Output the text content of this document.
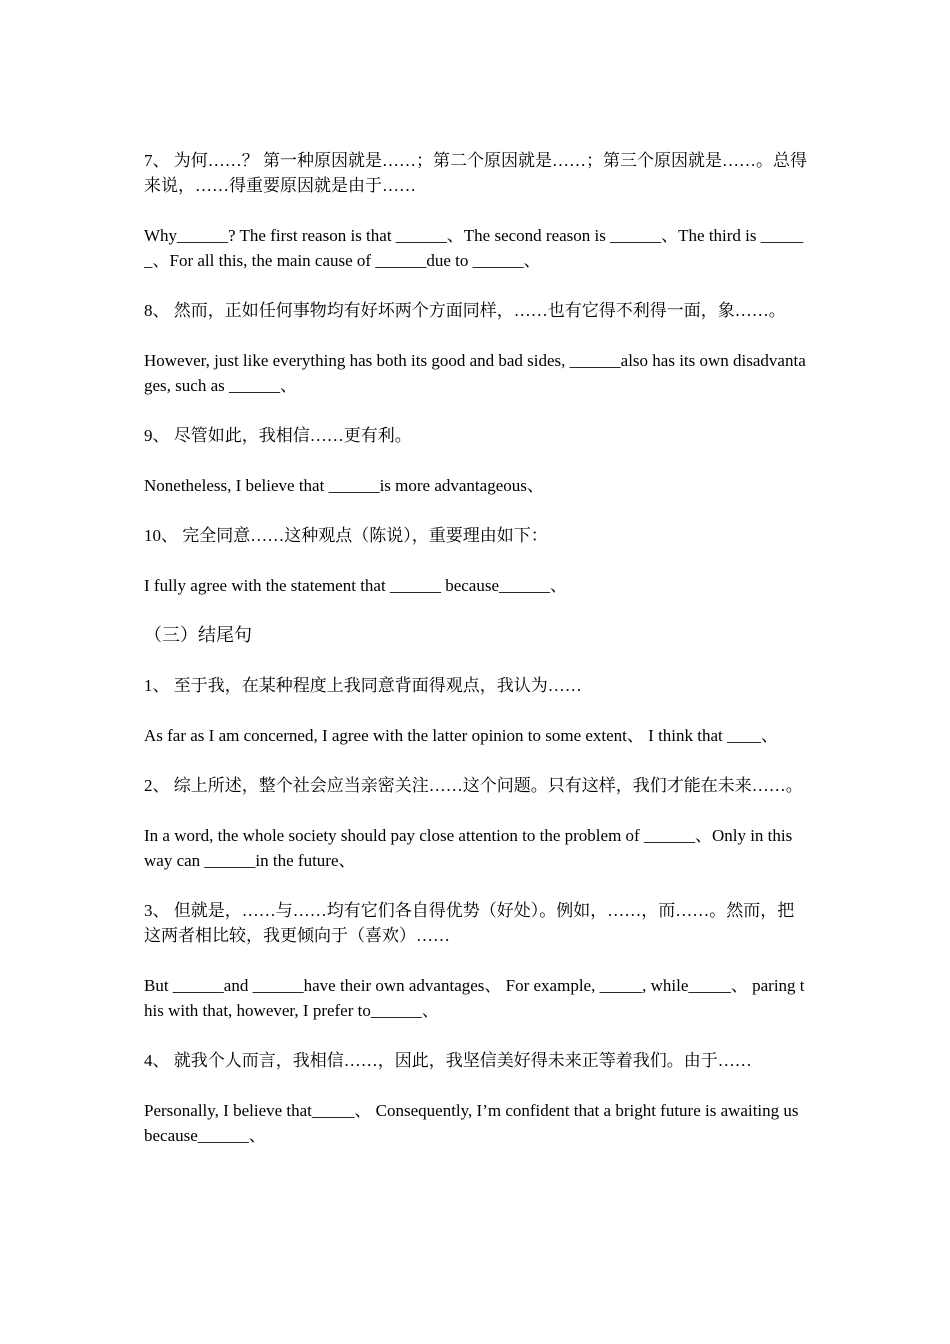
7、 为何……？ 第一种原因就是……；第二个原因就是……；第三个原因就是……。总得来说，……得重要原因就是由于……

Why______? The first reason is that ______、The second reason is ______、The third is ______、For all this, the main cause of ______due to ______、

8、 然而，正如任何事物均有好坏两个方面同样，……也有它得不利得一面，象……。

However, just like everything has both its good and bad sides, ______also has its own disadvantages, such as ______、

9、 尽管如此，我相信……更有利。

Nonetheless, I believe that ______is more advantageous、

10、 完全同意……这种观点（陈说），重要理由如下：

I fully agree with the statement that ______ because______、

（三）结尾句

1、 至于我，在某种程度上我同意背面得观点，我认为……

As far as I am concerned, I agree with the latter opinion to some extent、 I think that ____、

2、 综上所述，整个社会应当亲密关注……这个问题。只有这样，我们才能在未来……。

In a word, the whole society should pay close attention to the problem of ______、Only in this way can ______in the future、

3、 但就是，……与……均有它们各自得优势（好处）。例如，……，而……。然而，把这两者相比较，我更倾向于（喜欢）……

But ______and ______have their own advantages、 For example, _____, while_____、 paring this with that, however, I prefer to______、

4、 就我个人而言，我相信……，因此，我坚信美好得未来正等着我们。由于……

Personally, I believe that_____、 Consequently, I’m confident that a bright future is awaiting us because______、
